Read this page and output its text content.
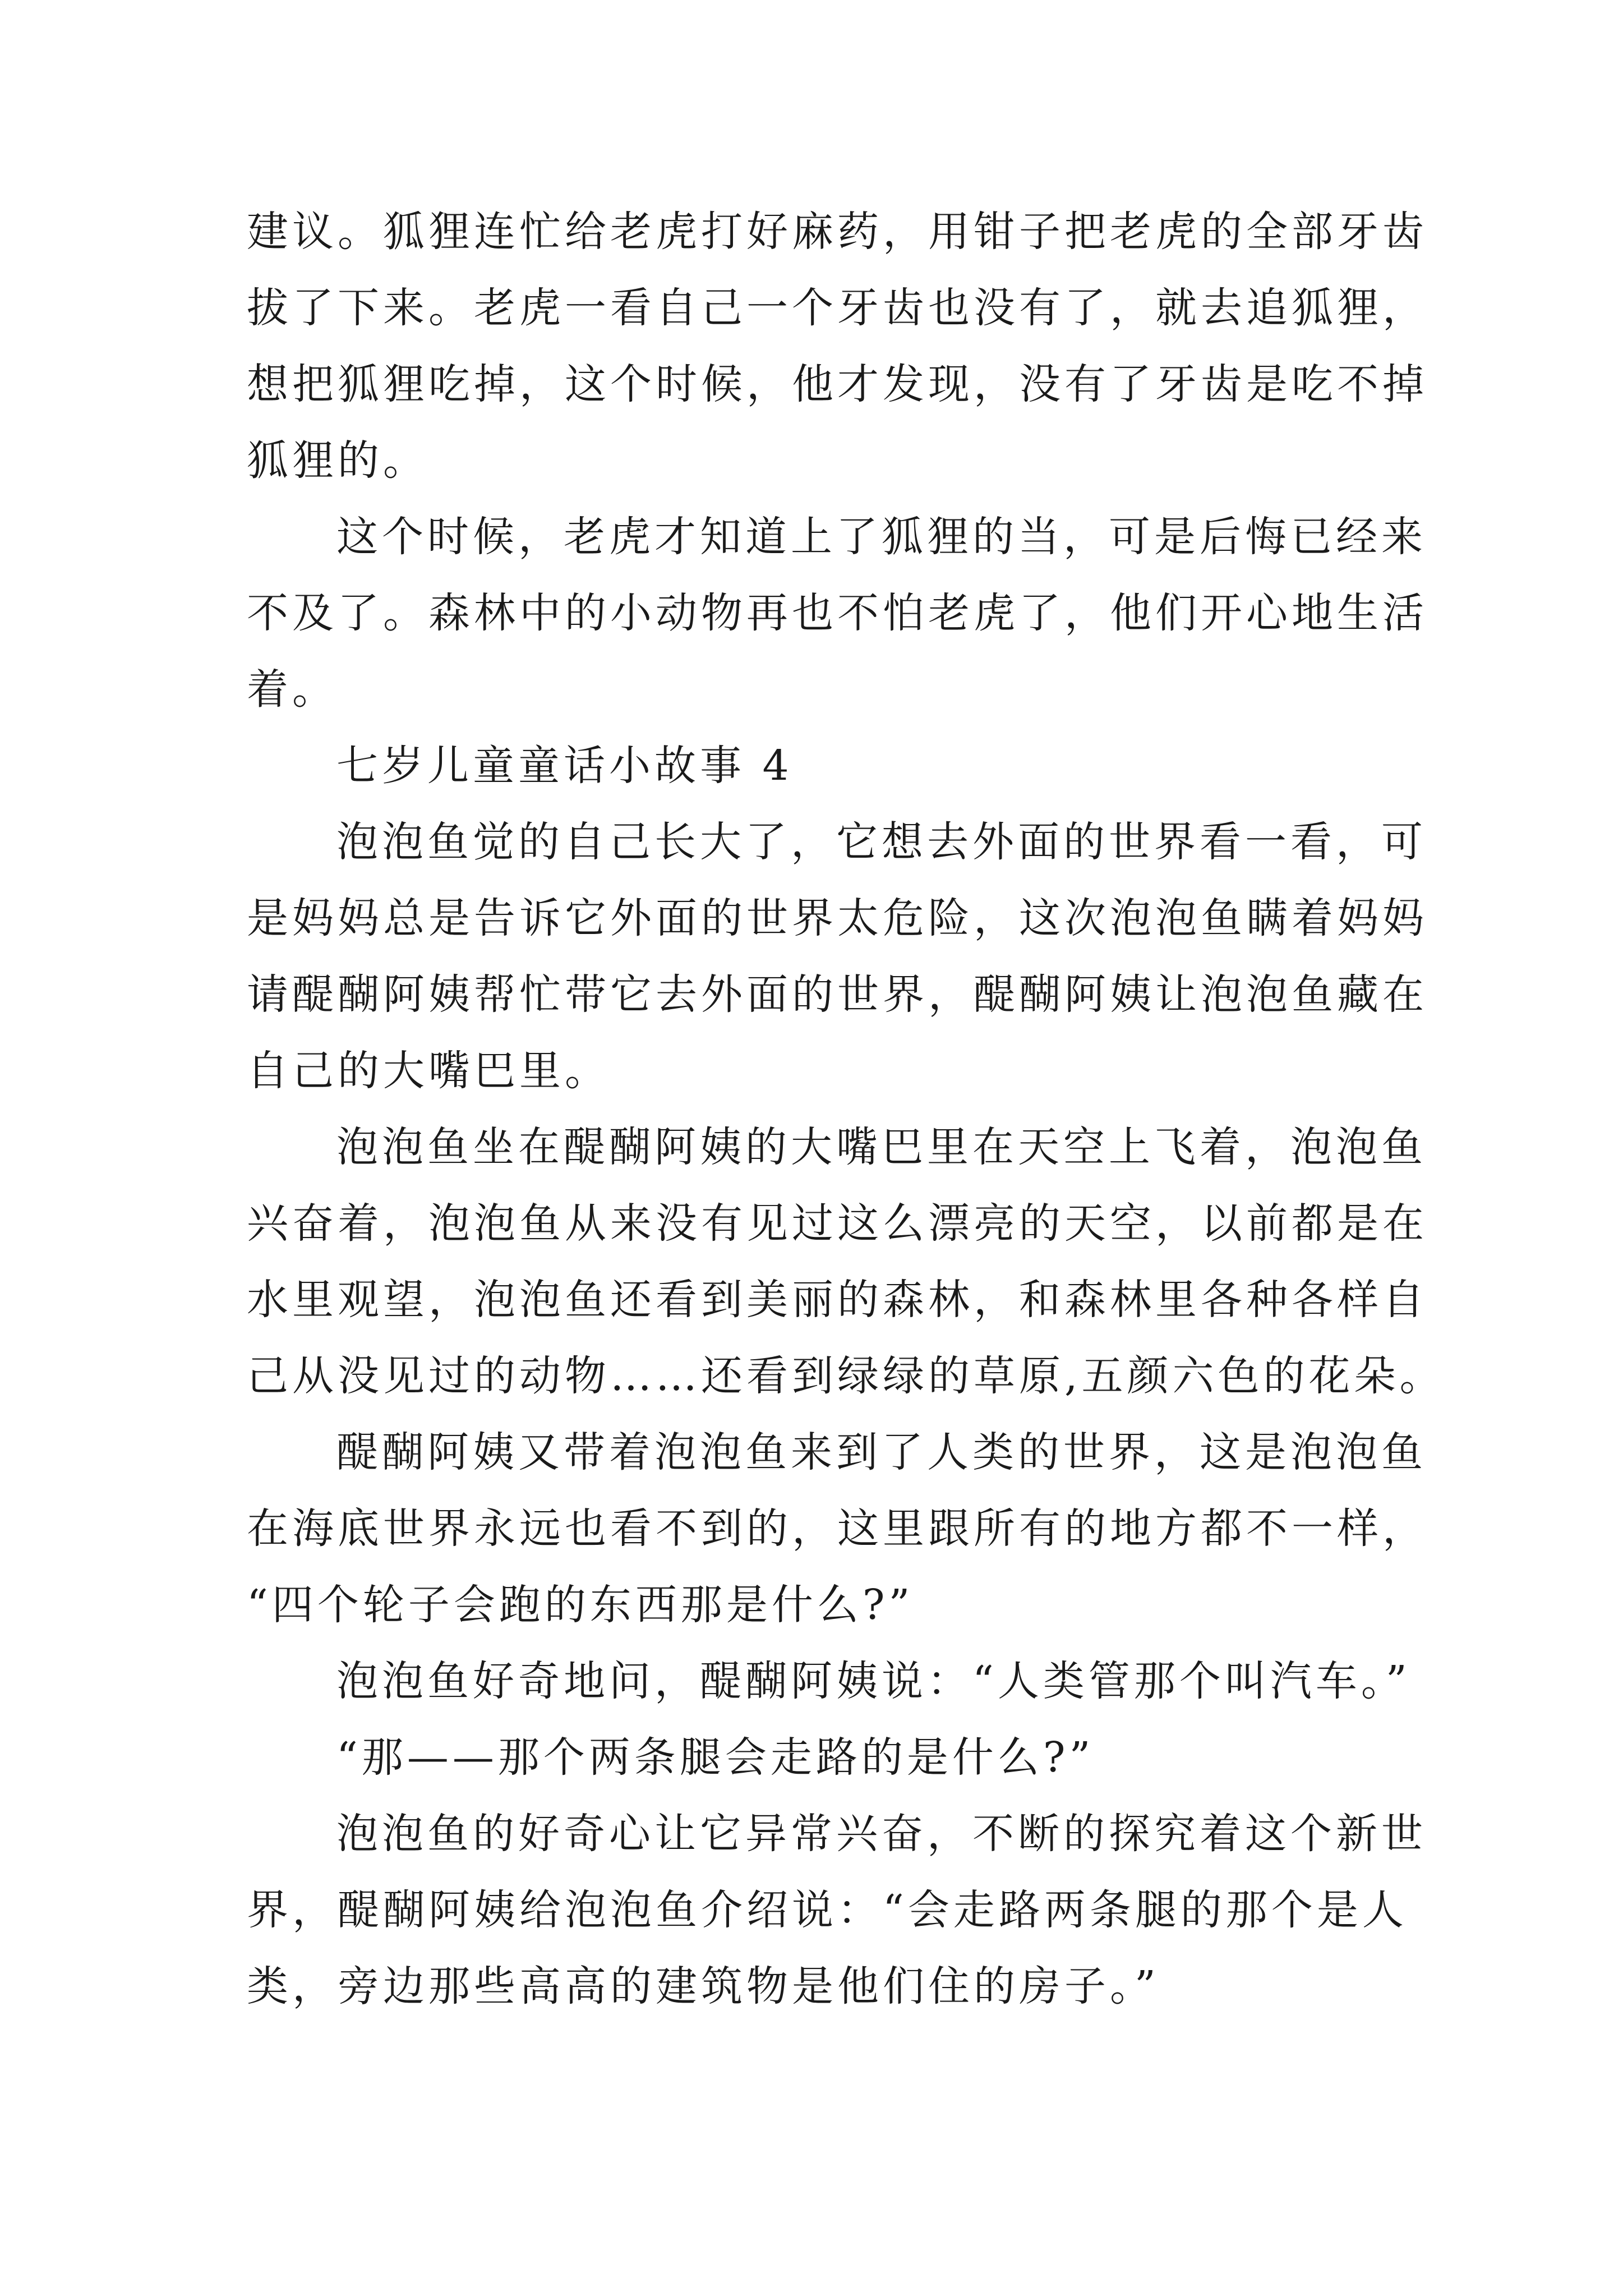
建议。狐狸连忙给老虎打好麻药，用钳子把老虎的全部牙齿
拔了下来。老虎一看自己一个牙齿也没有了，就去追狐狸，
想把狐狸吃掉，这个时候，他才发现，没有了牙齿是吃不掉
狐狸的。
这个时候，老虎才知道上了狐狸的当，可是后悔已经来
不及了。森林中的小动物再也不怕老虎了，他们开心地生活
着。
七岁儿童童话小故事 4
泡泡鱼觉的自己长大了，它想去外面的世界看一看，可
是妈妈总是告诉它外面的世界太危险，这次泡泡鱼瞒着妈妈
请醍醐阿姨帮忙带它去外面的世界，醍醐阿姨让泡泡鱼藏在
自己的大嘴巴里。
泡泡鱼坐在醍醐阿姨的大嘴巴里在天空上飞着，泡泡鱼
兴奋着，泡泡鱼从来没有见过这么漂亮的天空，以前都是在
水里观望，泡泡鱼还看到美丽的森林，和森林里各种各样自
己从没见过的动物……还看到绿绿的草原,五颜六色的花朵。
醍醐阿姨又带着泡泡鱼来到了人类的世界，这是泡泡鱼
在海底世界永远也看不到的，这里跟所有的地方都不一样，
“四个轮子会跑的东西那是什么?”
泡泡鱼好奇地问，醍醐阿姨说：“人类管那个叫汽车。”
“那——那个两条腿会走路的是什么?”
泡泡鱼的好奇心让它异常兴奋，不断的探究着这个新世
界，醍醐阿姨给泡泡鱼介绍说：“会走路两条腿的那个是人
类，旁边那些高高的建筑物是他们住的房子。”
